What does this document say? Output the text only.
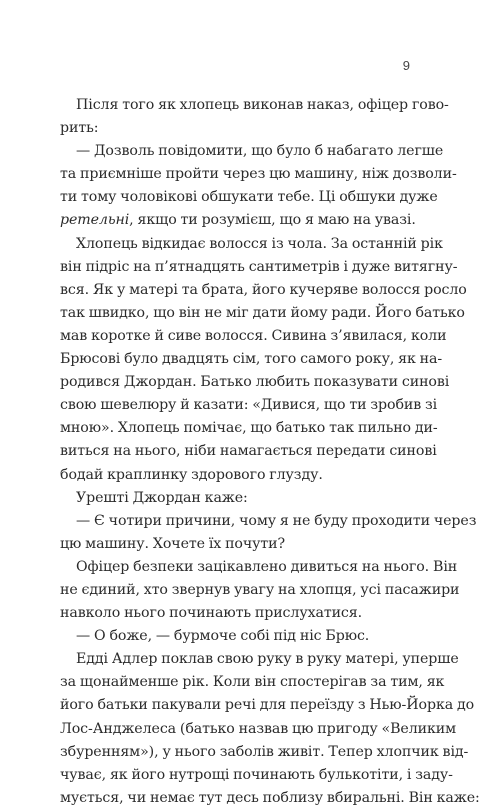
9

Після того як хлопець виконав наказ, офіцер гово-
рить:

— Дозволь повідомити, що було б набагато легше
та приємніше пройти через цю машину, ніж дозволи-
ти тому чоловікові обшукати тебе. Ці обшуки дуже
ретельні, якщо ти розумієш, що я маю на увазі.

Хлопець відкидає волосся із чола. За останній рік
він підріс на п’ятнадцять сантиметрів і дуже витягну-
вся. Як у матері та брата, його кучеряве волосся росло
так швидко, що він не міг дати йому ради. Його батько
мав коротке й сиве волосся. Сивина з’явилася, коли
Брюсові було двадцять сім, того самого року, як на-
родився Джордан. Батько любить показувати синові
свою шевелюру й казати: «Дивися, що ти зробив зі
мною». Хлопець помічає, що батько так пильно ди-
виться на нього, ніби намагається передати синові
бодай краплинку здорового глузду.

Урешті Джордан каже:

— Є чотири причини, чому я не буду проходити через
цю машину. Хочете їх почути?

Офіцер безпеки зацікавлено дивиться на нього. Він
не єдиний, хто звернув увагу на хлопця, усі пасажири
навколо нього починають прислухатися.

— О боже, — бурмоче собі під ніс Брюс.

Едді Адлер поклав свою руку в руку матері, уперше
за щонайменше рік. Коли він спостерігав за тим, як
його батьки пакували речі для переїзду з Нью-Йорка до
Лос-Анджелеса (батько назвав цю пригоду «Великим
збуренням»), у нього заболів живіт. Тепер хлопчик від-
чуває, як його нутрощі починають булькотіти, і заду-
мується, чи немає тут десь поблизу вбиральні. Він каже:
